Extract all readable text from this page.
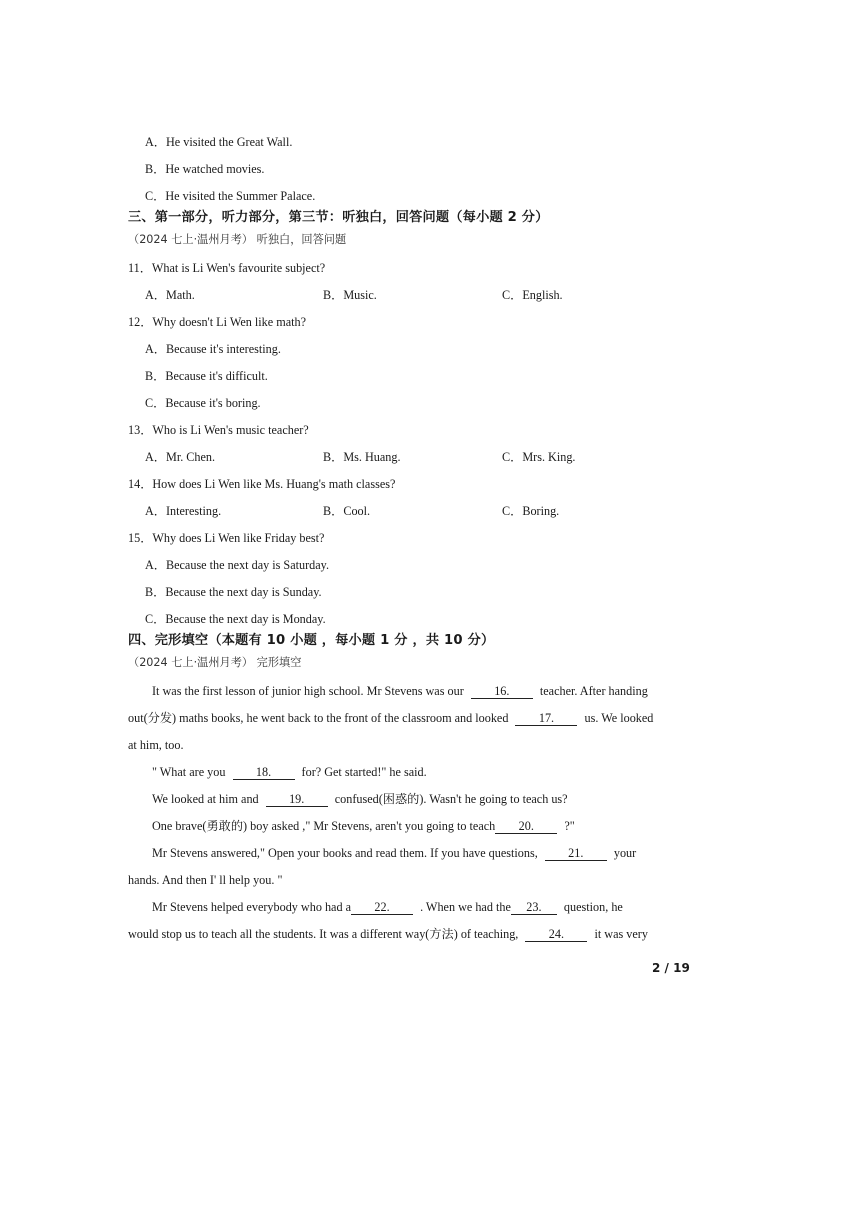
A．He visited the Great Wall.
B．He watched movies.
C．He visited the Summer Palace.
三、第一部分，听力部分，第三节：听独白，回答问题（每小题 2 分）
（2024 七上·温州月考） 听独白，回答问题
11．What is Li Wen's favourite subject?
A．Math.	B．Music.	C．English.
12．Why doesn't Li Wen like math?
A．Because it's interesting.
B．Because it's difficult.
C．Because it's boring.
13．Who is Li Wen's music teacher?
A．Mr. Chen.	B．Ms. Huang.	C．Mrs. King.
14．How does Li Wen like Ms. Huang's math classes?
A．Interesting.	B．Cool.	C．Boring.
15．Why does Li Wen like Friday best?
A．Because the next day is Saturday.
B．Because the next day is Sunday.
C．Because the next day is Monday.
四、完形填空（本题有 10 小题 ，每小题 1 分 ，共 10 分）
（2024 七上·温州月考） 完形填空
It was the first lesson of junior high school. Mr Stevens was our 16. teacher. After handing
out(分发) maths books, he went back to the front of the classroom and looked 17. us. We looked
at him, too.
" What are you 18. for? Get started!" he said.
We looked at him and 19. confused(困惑的). Wasn't he going to teach us?
One brave(勇敢的) boy asked ," Mr Stevens, aren't you going to teach 20. ?"
Mr Stevens answered," Open your books and read them. If you have questions, 21. your
hands. And then I' ll help you. "
Mr Stevens helped everybody who had a 22. . When we had the 23. question, he
would stop us to teach all the students. It was a different way(方法) of teaching, 24. it was very
2 / 19
